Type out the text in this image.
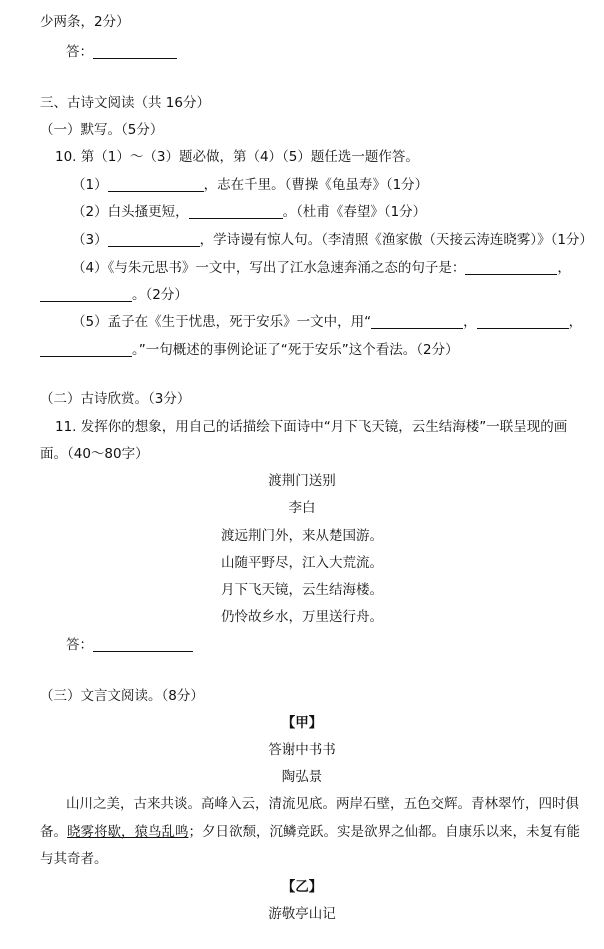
少两条，2分）
答：
三、古诗文阅读（共 16分）
（一）默写。（5分）
10. 第（1）～（3）题必做，第（4）（5）题任选一题作答。
（1）	，志在千里。（曹操《龟虽寿》（1分）
（2）白头搔更短，	。（杜甫《春望》（1分）
（3）	，学诗谩有惊人句。（李清照《渔家傲（天接云涛连晓雾）》（1分）
（4）《与朱元思书》一文中，写出了江水急速奔涌之态的句子是：	，
。（2分）
（5）孟子在《生于忧患，死于安乐》一文中，用“	，	，
。”一句概述的事例论证了“死于安乐”这个看法。（2分）
（二）古诗欣赏。（3分）
11. 发挥你的想象，用自己的话描绘下面诗中“月下飞天镜，云生结海楼”一联呈现的画
面。（40～80字）
渡荆门送别
李白
渡远荆门外，来从楚国游。
山随平野尽，江入大荒流。
月下飞天镜，云生结海楼。
仍怜故乡水，万里送行舟。
答：
（三）文言文阅读。（8分）
【甲】
答谢中书书
陶弘景
山川之美，古来共谈。高峰入云，清流见底。两岸石壁，五色交辉。青林翠竹，四时俱
备。晓雾将歇，猿鸟乱鸣；夕日欲颓，沉鳞竞跃。实是欲界之仙都。自康乐以来，未复有能
与其奇者。
【乙】
游敬亭山记
